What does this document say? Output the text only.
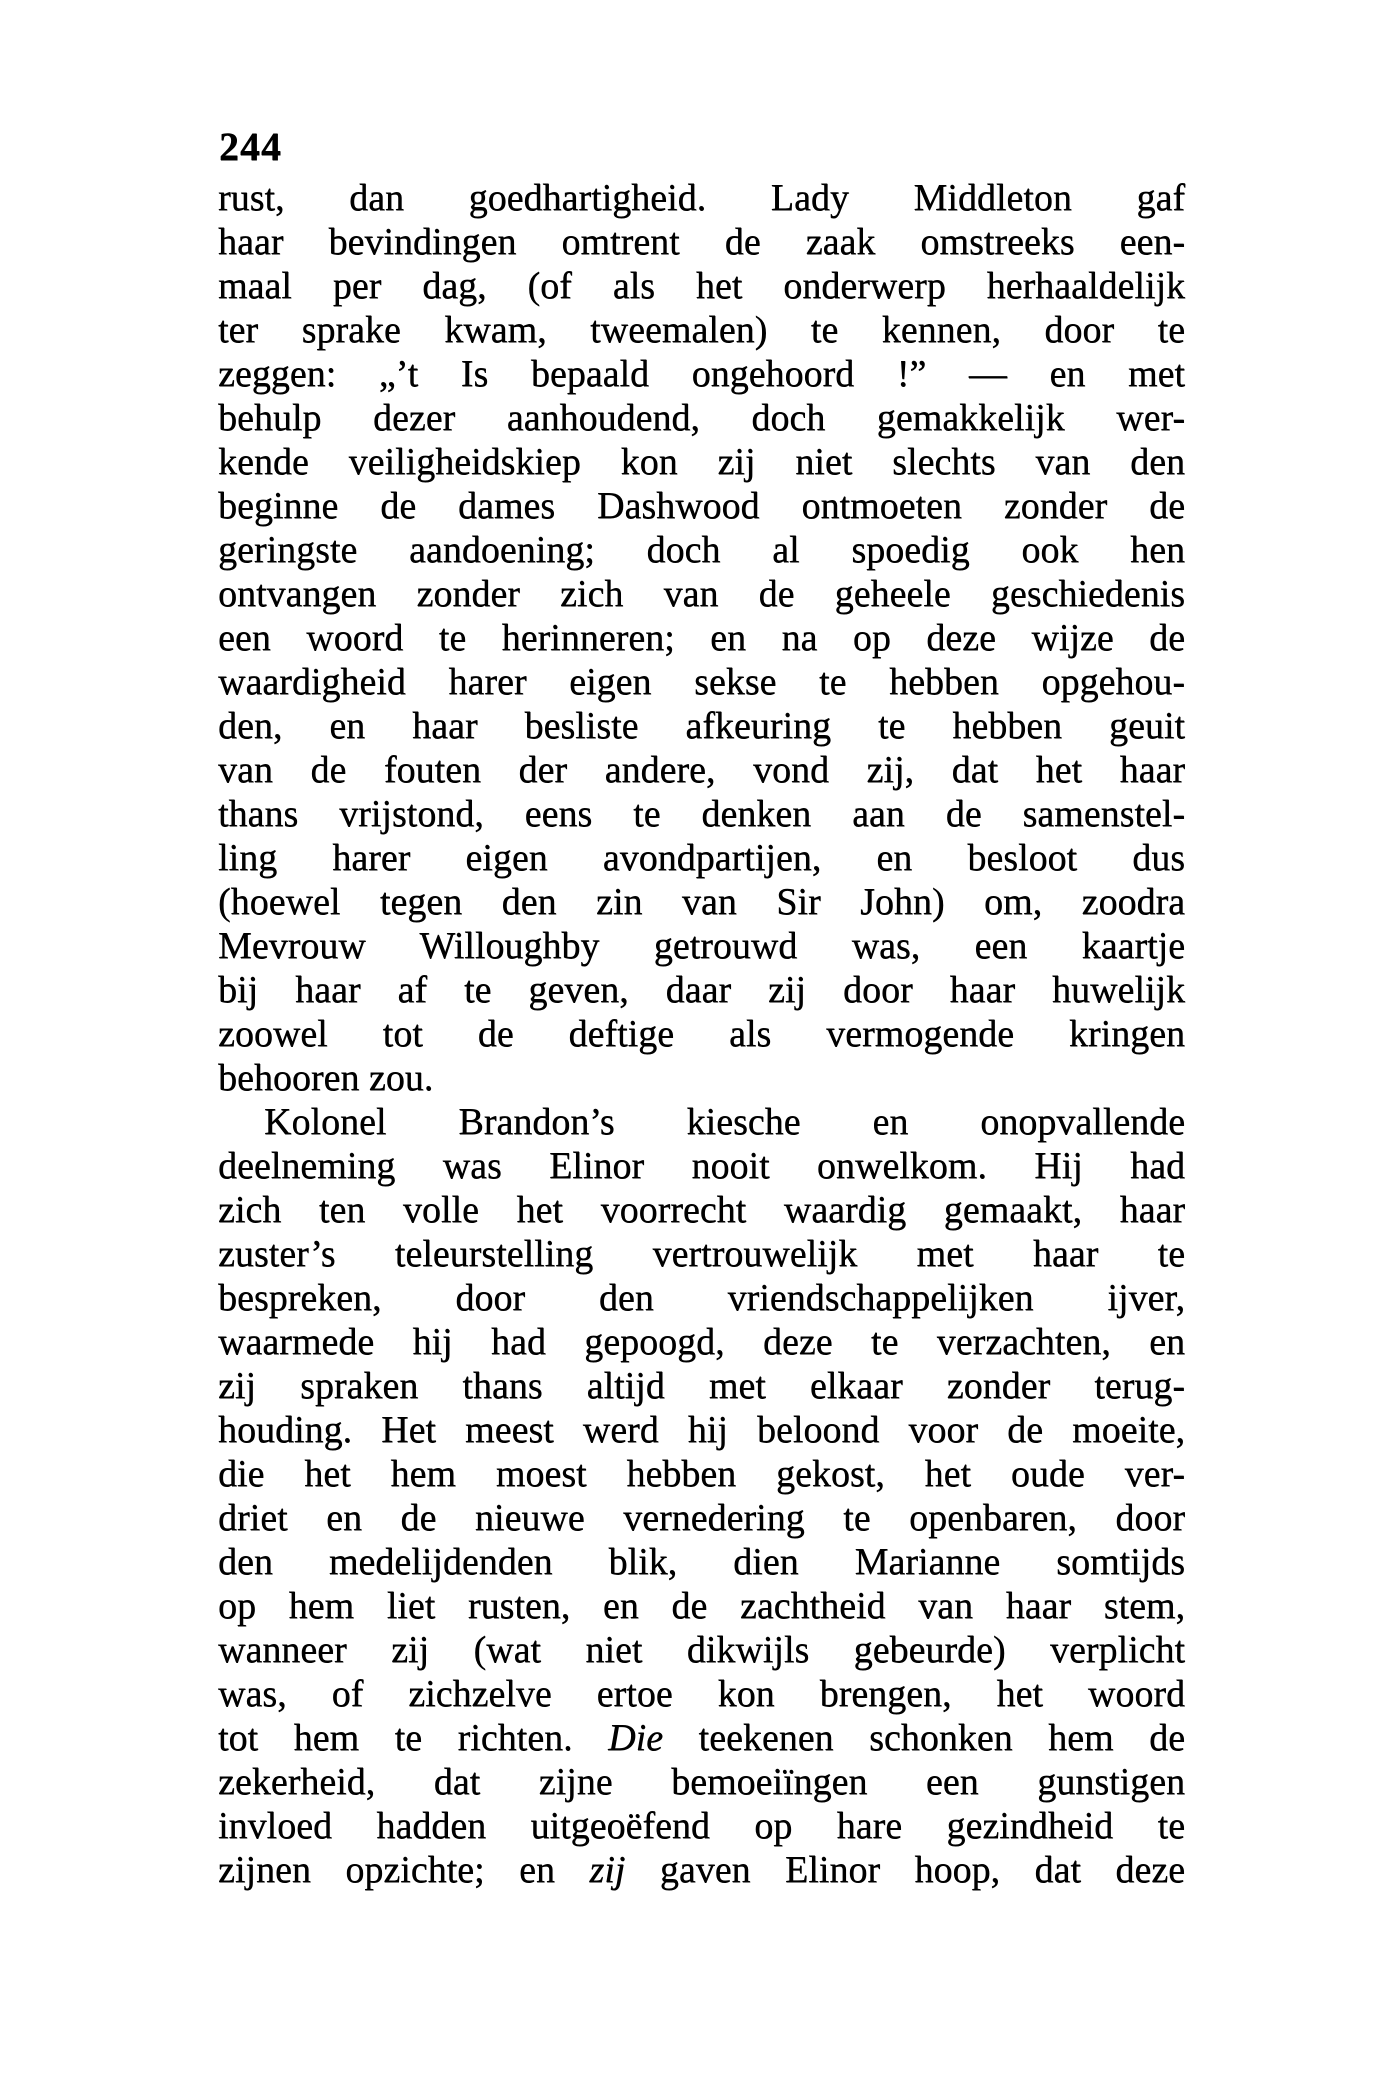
244
rust, dan goedhartigheid. Lady Middleton gaf
haar bevindingen omtrent de zaak omstreeks een-
maal per dag, (of als het onderwerp herhaaldelijk
ter sprake kwam, tweemalen) te kennen, door te
zeggen: „’t Is bepaald ongehoord !” — en met
behulp dezer aanhoudend, doch gemakkelijk wer-
kende veiligheidskiep kon zij niet slechts van den
beginne de dames Dashwood ontmoeten zonder de
geringste aandoening; doch al spoedig ook hen
ontvangen zonder zich van de geheele geschiedenis
een woord te herinneren; en na op deze wijze de
waardigheid harer eigen sekse te hebben opgehou-
den, en haar besliste afkeuring te hebben geuit
van de fouten der andere, vond zij, dat het haar
thans vrijstond, eens te denken aan de samenstel-
ling harer eigen avondpartijen, en besloot dus
(hoewel tegen den zin van Sir John) om, zoodra
Mevrouw Willoughby getrouwd was, een kaartje
bij haar af te geven, daar zij door haar huwelijk
zoowel tot de deftige als vermogende kringen
behooren zou.
Kolonel Brandon’s kiesche en onopvallende
deelneming was Elinor nooit onwelkom. Hij had
zich ten volle het voorrecht waardig gemaakt, haar
zuster’s teleurstelling vertrouwelijk met haar te
bespreken, door den vriendschappelijken ijver,
waarmede hij had gepoogd, deze te verzachten, en
zij spraken thans altijd met elkaar zonder terug-
houding. Het meest werd hij beloond voor de moeite,
die het hem moest hebben gekost, het oude ver-
driet en de nieuwe vernedering te openbaren, door
den medelijdenden blik, dien Marianne somtijds
op hem liet rusten, en de zachtheid van haar stem,
wanneer zij (wat niet dikwijls gebeurde) verplicht
was, of zichzelve ertoe kon brengen, het woord
tot hem te richten. Die teekenen schonken hem de
zekerheid, dat zijne bemoeiïngen een gunstigen
invloed hadden uitgeoëfend op hare gezindheid te
zijnen opzichte; en zij gaven Elinor hoop, dat deze
